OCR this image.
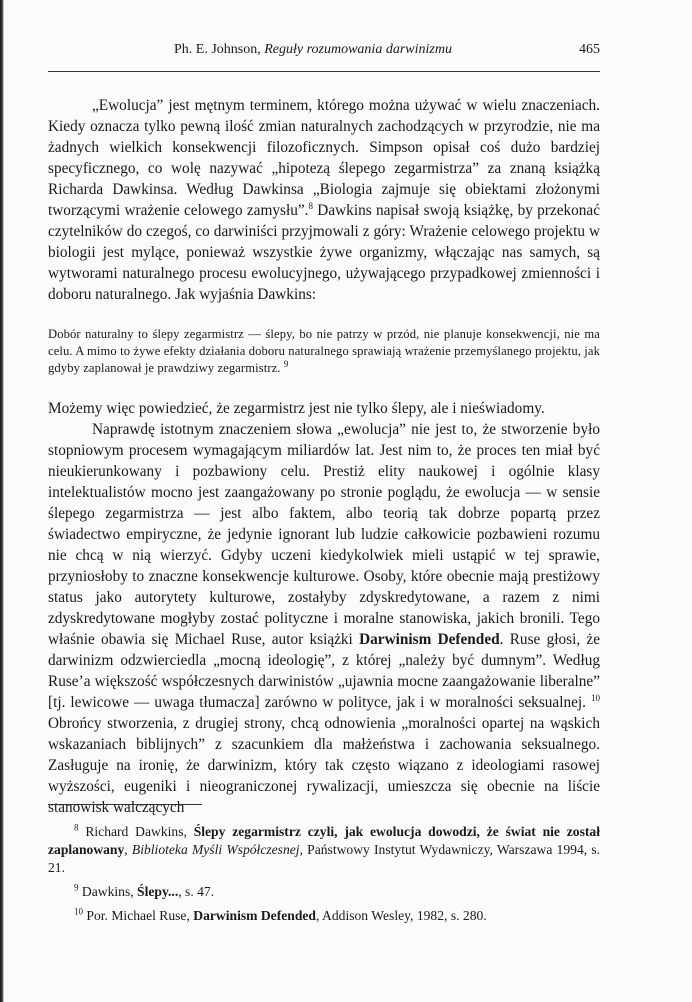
Ph. E. Johnson, Reguły rozumowania darwinizmu	465

„Ewolucja” jest mętnym terminem, którego można używać w wielu znaczeniach. Kiedy oznacza tylko pewną ilość zmian naturalnych zachodzących w przyrodzie, nie ma żadnych wielkich konsekwencji filozoficznych. Simpson opisał coś dużo bardziej specyficznego, co wolę nazywać „hipotezą ślepego zegarmistrza” za znaną książką Richarda Dawkinsa. Według Dawkinsa „Biologia zajmuje się obiektami złożonymi tworzącymi wrażenie celowego zamysłu”.$^8$ Dawkins napisał swoją książkę, by przekonać czytelników do czegoś, co darwiniści przyjmowali z góry: Wrażenie celowego projektu w biologii jest mylące, ponieważ wszystkie żywe organizmy, włączając nas samych, są wytworami naturalnego procesu ewolucyjnego, używającego przypadkowej zmienności i doboru naturalnego. Jak wyjaśnia Dawkins:

Dobór naturalny to ślepy zegarmistrz — ślepy, bo nie patrzy w przód, nie planuje konsekwencji, nie ma celu. A mimo to żywe efekty działania doboru naturalnego sprawiają wrażenie przemyślanego projektu, jak gdyby zaplanował je prawdziwy zegarmistrz. $^9$

Możemy więc powiedzieć, że zegarmistrz jest nie tylko ślepy, ale i nieświadomy.

Naprawdę istotnym znaczeniem słowa „ewolucja” nie jest to, że stworzenie było stopniowym procesem wymagającym miliardów lat. Jest nim to, że proces ten miał być nieukierunkowany i pozbawiony celu. Prestiż elity naukowej i ogólnie klasy intelektualistów mocno jest zaangażowany po stronie poglądu, że ewolucja — w sensie ślepego zegarmistrza — jest albo faktem, albo teorią tak dobrze popartą przez świadectwo empiryczne, że jedynie ignorant lub ludzie całkowicie pozbawieni rozumu nie chcą w nią wierzyć. Gdyby uczeni kiedykolwiek mieli ustąpić w tej sprawie, przyniosłoby to znaczne konsekwencje kulturowe. Osoby, które obecnie mają prestiżowy status jako autorytety kulturowe, zostałyby zdyskredytowane, a razem z nimi zdyskredytowane mogłyby zostać polityczne i moralne stanowiska, jakich bronili. Tego właśnie obawia się Michael Ruse, autor książki Darwinism Defended. Ruse głosi, że darwinizm odzwierciedla „mocną ideologię”, z której „należy być dumnym”. Według Ruse’a większość współczesnych darwinistów „ujawnia mocne zaangażowanie liberalne” [tj. lewicowe — uwaga tłumacza] zarówno w polityce, jak i w moralności seksualnej. $^{10}$ Obrońcy stworzenia, z drugiej strony, chcą odnowienia „moralności opartej na wąskich wskazaniach biblijnych” z szacunkiem dla małżeństwa i zachowania seksualnego. Zasługuje na ironię, że darwinizm, który tak często wiązano z ideologiami rasowej wyższości, eugeniki i nieograniczonej rywalizacji, umieszcza się obecnie na liście stanowisk walczących

$^8$ Richard Dawkins, Ślepy zegarmistrz czyli, jak ewolucja dowodzi, że świat nie został zaplanowany, Biblioteka Myśli Współczesnej, Państwowy Instytut Wydawniczy, Warszawa 1994, s. 21.

$^9$ Dawkins, Ślepy..., s. 47.

$^{10}$ Por. Michael Ruse, Darwinism Defended, Addison Wesley, 1982, s. 280.
